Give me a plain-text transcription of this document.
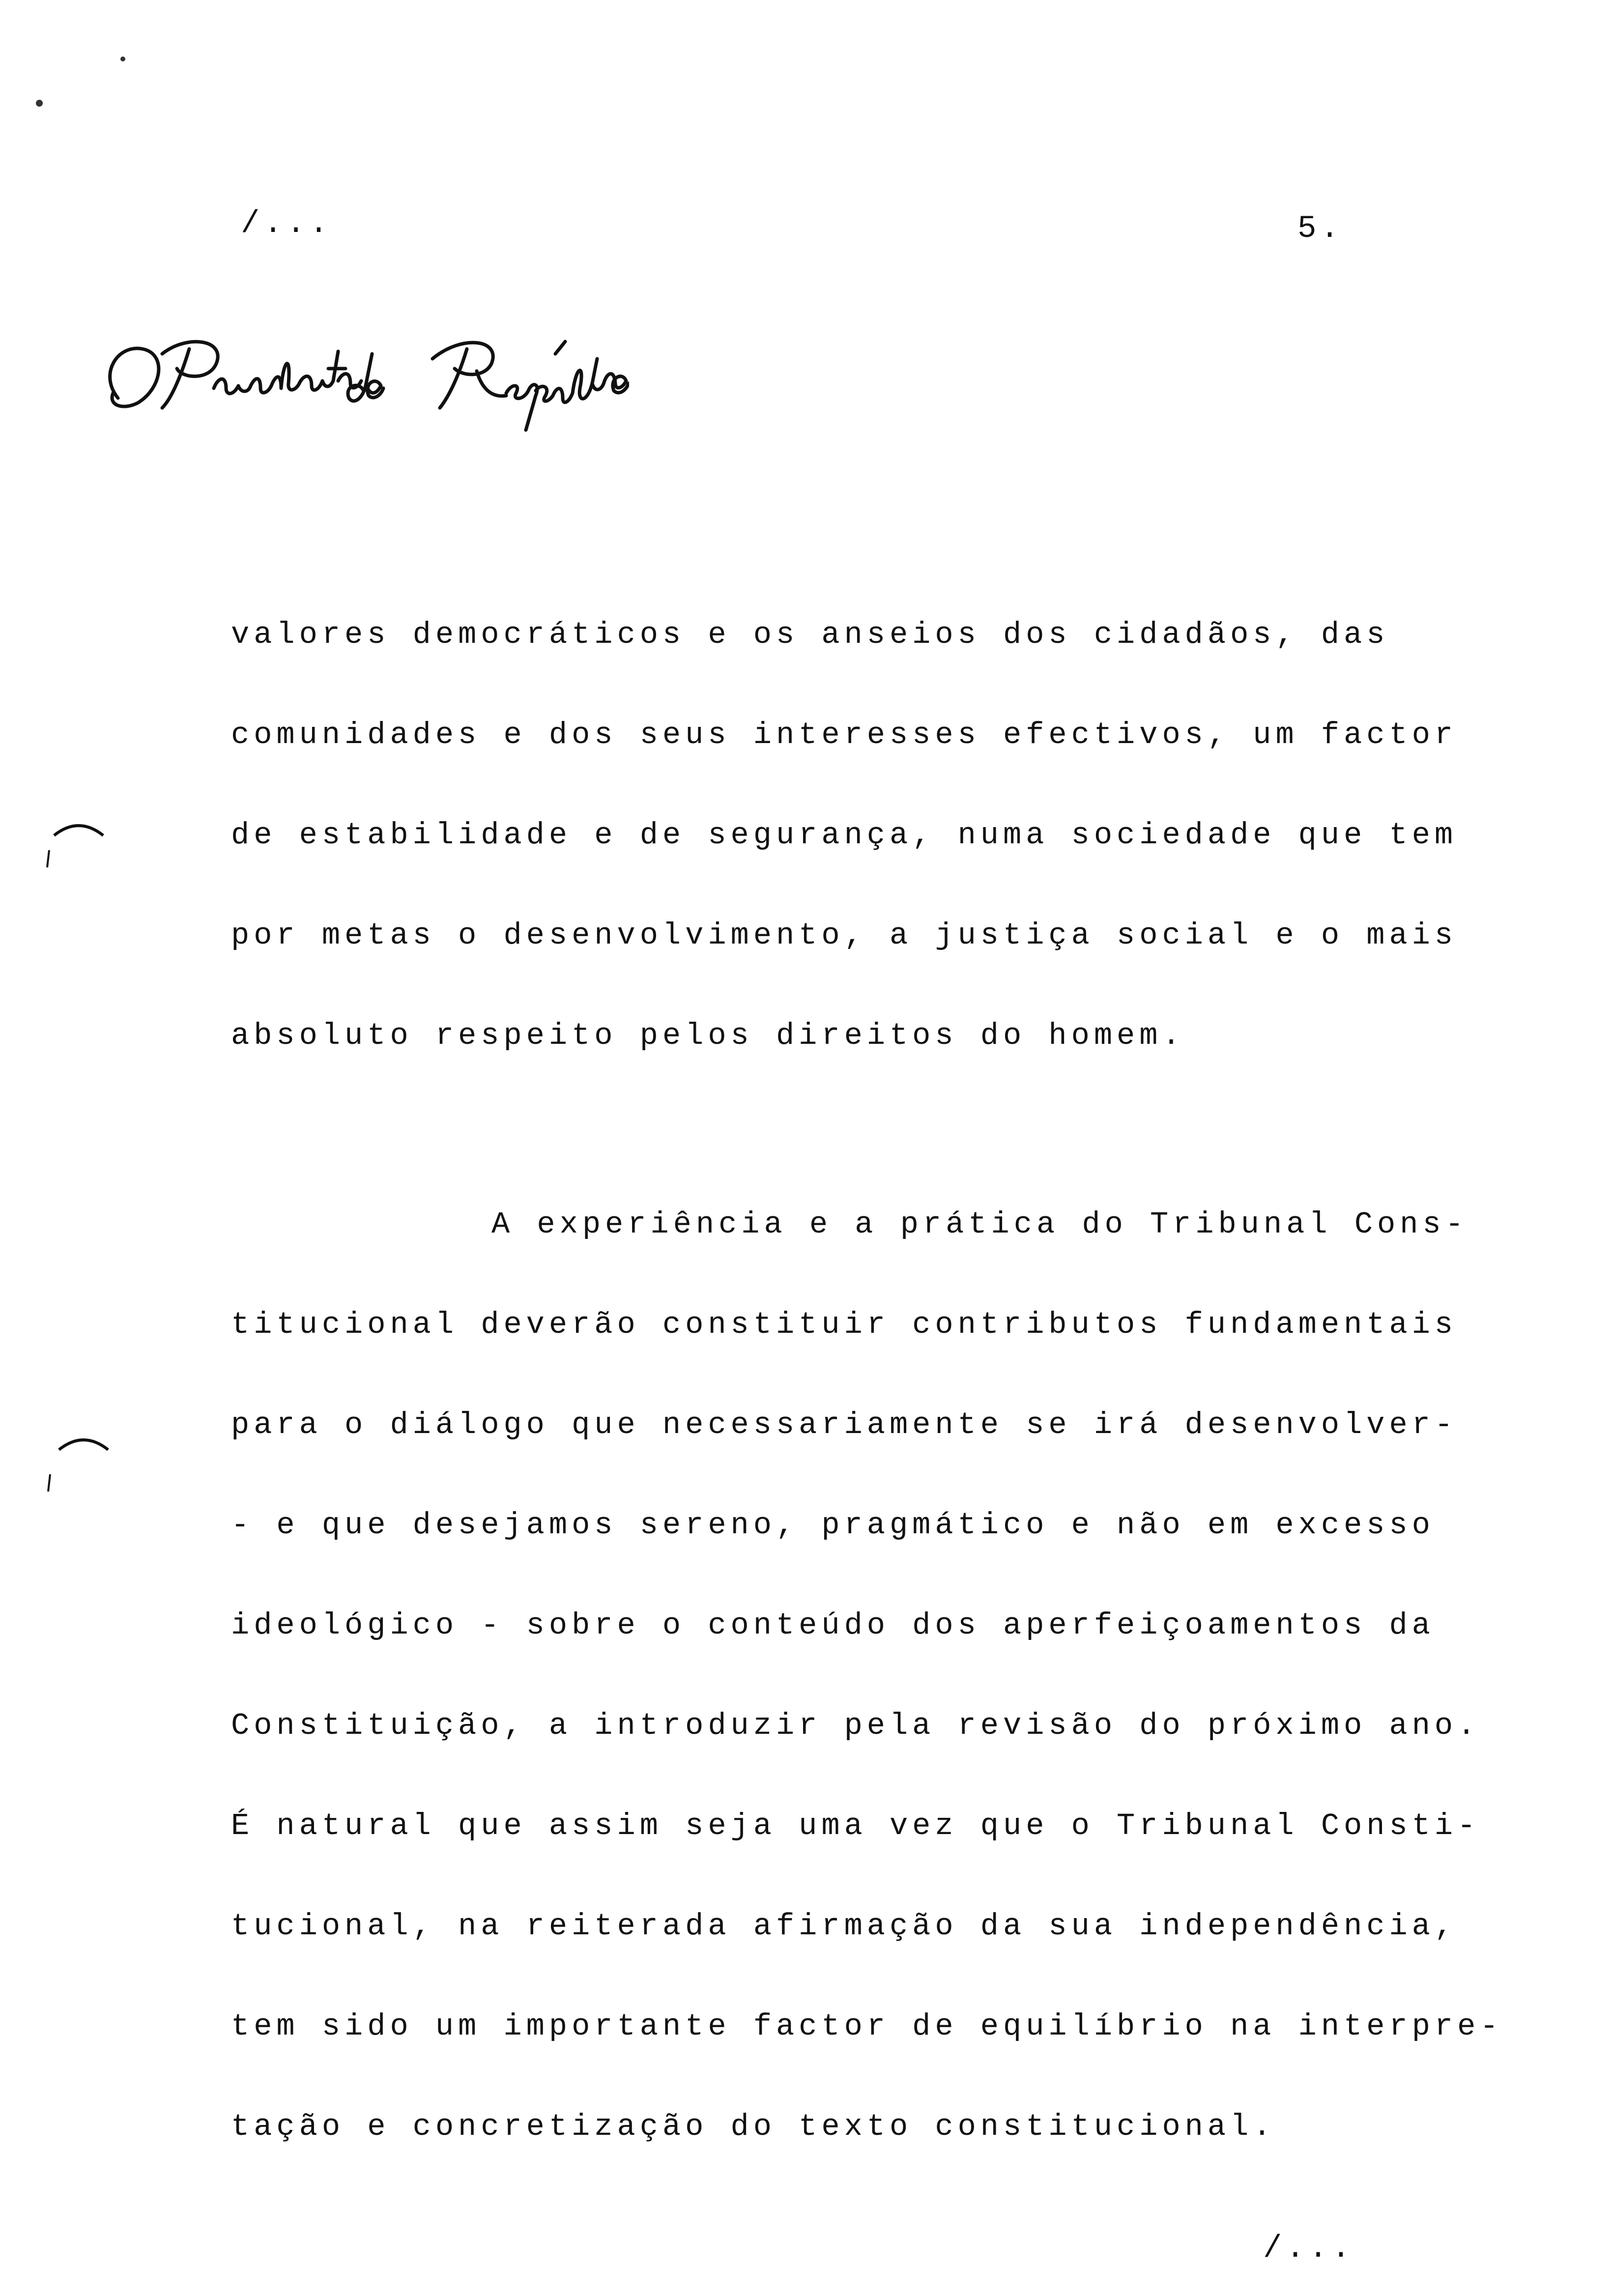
/...	5.
valores democráticos e os anseios dos cidadãos, das
comunidades e dos seus interesses efectivos, um factor
de estabilidade e de segurança, numa sociedade que tem
por metas o desenvolvimento, a justiça social e o mais
absoluto respeito pelos direitos do homem.
A experiência e a prática do Tribunal Cons-
titucional deverão constituir contributos fundamentais
para o diálogo que necessariamente se irá desenvolver-
- e que desejamos sereno, pragmático e não em excesso
ideológico - sobre o conteúdo dos aperfeiçoamentos da
Constituição, a introduzir pela revisão do próximo ano.
É natural que assim seja uma vez que o Tribunal Consti-
tucional, na reiterada afirmação da sua independência,
tem sido um importante factor de equilíbrio na interpre-
tação e concretização do texto constitucional.
/...
